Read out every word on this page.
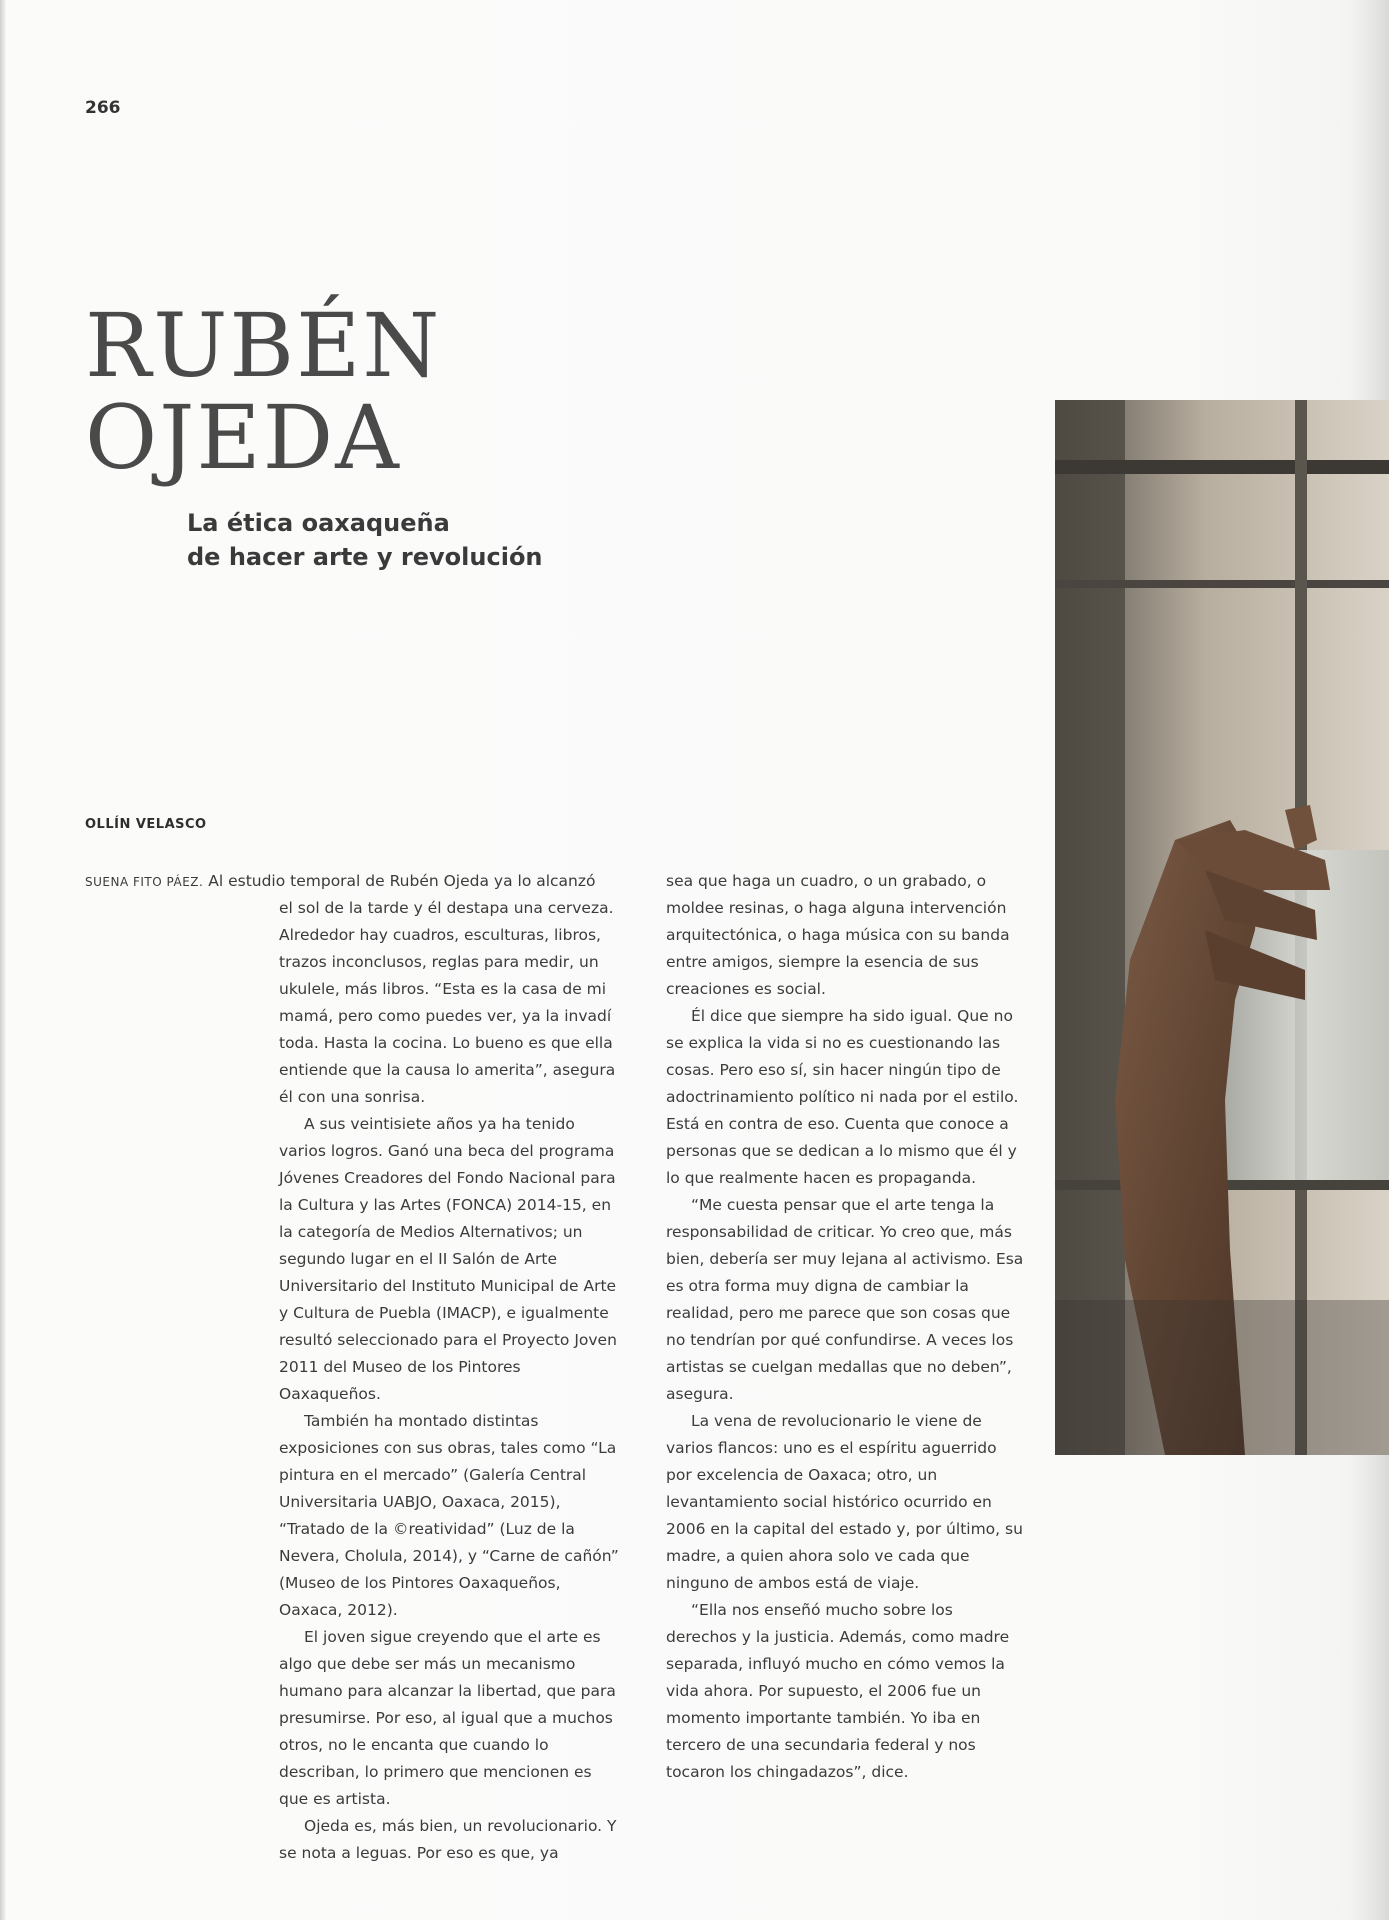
266
RUBÉN
OJEDA
La ética oaxaqueña
de hacer arte y revolución
OLLÍN VELASCO
SUENA FITO PÁEZ. Al estudio temporal de Rubén Ojeda ya lo alcanzó

el sol de la tarde y él destapa una cerveza. Alrededor hay cuadros, esculturas, libros, trazos inconclusos, reglas para medir, un ukulele, más libros. “Esta es la casa de mi mamá, pero como puedes ver, ya la invadí toda. Hasta la cocina. Lo bueno es que ella entiende que la causa lo amerita”, asegura él con una sonrisa.

A sus veintisiete años ya ha tenido varios logros. Ganó una beca del programa Jóvenes Creadores del Fondo Nacional para la Cultura y las Artes (FONCA) 2014-15, en la categoría de Medios Alternativos; un segundo lugar en el II Salón de Arte Universitario del Instituto Municipal de Arte y Cultura de Puebla (IMACP), e igualmente resultó seleccionado para el Proyecto Joven 2011 del Museo de los Pintores Oaxaqueños.

También ha montado distintas exposiciones con sus obras, tales como “La pintura en el mercado” (Galería Central Universitaria UABJO, Oaxaca, 2015), “Tratado de la ©reatividad” (Luz de la Nevera, Cholula, 2014), y “Carne de cañón” (Museo de los Pintores Oaxaqueños, Oaxaca, 2012).

El joven sigue creyendo que el arte es algo que debe ser más un mecanismo humano para alcanzar la libertad, que para presumirse. Por eso, al igual que a muchos otros, no le encanta que cuando lo describan, lo primero que mencionen es que es artista.

Ojeda es, más bien, un revolucionario. Y se nota a leguas. Por eso es que, ya

sea que haga un cuadro, o un grabado, o moldee resinas, o haga alguna intervención arquitectónica, o haga música con su banda entre amigos, siempre la esencia de sus creaciones es social.

Él dice que siempre ha sido igual. Que no se explica la vida si no es cuestionando las cosas. Pero eso sí, sin hacer ningún tipo de adoctrinamiento político ni nada por el estilo. Está en contra de eso. Cuenta que conoce a personas que se dedican a lo mismo que él y lo que realmente hacen es propaganda.

“Me cuesta pensar que el arte tenga la responsabilidad de criticar. Yo creo que, más bien, debería ser muy lejana al activismo. Esa es otra forma muy digna de cambiar la realidad, pero me parece que son cosas que no tendrían por qué confundirse. A veces los artistas se cuelgan medallas que no deben”, asegura.

La vena de revolucionario le viene de varios flancos: uno es el espíritu aguerrido por excelencia de Oaxaca; otro, un levantamiento social histórico ocurrido en 2006 en la capital del estado y, por último, su madre, a quien ahora solo ve cada que ninguno de ambos está de viaje.

“Ella nos enseñó mucho sobre los derechos y la justicia. Además, como madre separada, influyó mucho en cómo vemos la vida ahora. Por supuesto, el 2006 fue un momento importante también. Yo iba en tercero de una secundaria federal y nos tocaron los chingadazos”, dice.
